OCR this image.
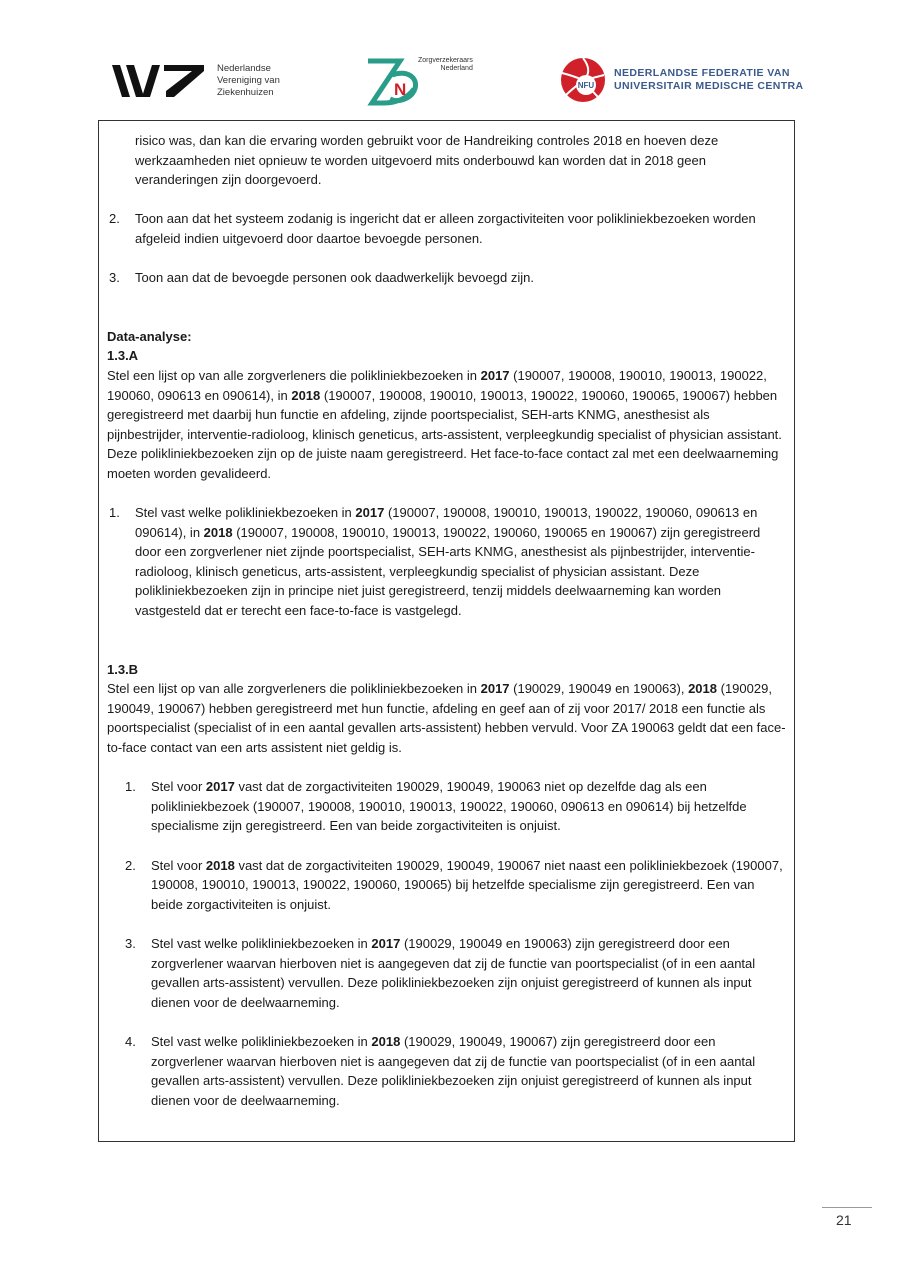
Nederlandse
Vereniging van
Ziekenhuizen	N
Zorgverzekeraars
Nederland
NFU
NEDERLANDSE FEDERATIE VAN
UNIVERSITAIR MEDISCHE CENTRA

risico was, dan kan die ervaring worden gebruikt voor de Handreiking controles 2018 en hoeven deze werkzaamheden niet opnieuw te worden uitgevoerd mits onderbouwd kan worden dat in 2018 geen veranderingen zijn doorgevoerd.

2. Toon aan dat het systeem zodanig is ingericht dat er alleen zorgactiviteiten voor polikliniekbezoeken worden afgeleid indien uitgevoerd door daartoe bevoegde personen.
3. Toon aan dat de bevoegde personen ook daadwerkelijk bevoegd zijn.

Data-analyse:

1.3.A

Stel een lijst op van alle zorgverleners die polikliniekbezoeken in 2017 (190007, 190008, 190010, 190013, 190022, 190060, 090613 en 090614), in 2018 (190007, 190008, 190010, 190013, 190022, 190060, 190065, 190067) hebben geregistreerd met daarbij hun functie en afdeling, zijnde poortspecialist, SEH-arts KNMG, anesthesist als pijnbestrijder, interventie-radioloog, klinisch geneticus, arts-assistent, verpleegkundig specialist of physician assistant. Deze polikliniekbezoeken zijn op de juiste naam geregistreerd. Het face-to-face contact zal met een deelwaarneming moeten worden gevalideerd.

1. Stel vast welke polikliniekbezoeken in 2017 (190007, 190008, 190010, 190013, 190022, 190060, 090613 en 090614), in 2018 (190007, 190008, 190010, 190013, 190022, 190060, 190065 en 190067) zijn geregistreerd door een zorgverlener niet zijnde poortspecialist, SEH-arts KNMG, anesthesist als pijnbestrijder, interventie-radioloog, klinisch geneticus, arts-assistent, verpleegkundig specialist of physician assistant. Deze polikliniekbezoeken zijn in principe niet juist geregistreerd, tenzij middels deelwaarneming kan worden vastgesteld dat er terecht een face-to-face is vastgelegd.

1.3.B

Stel een lijst op van alle zorgverleners die polikliniekbezoeken in 2017 (190029, 190049 en 190063), 2018 (190029, 190049, 190067) hebben geregistreerd met hun functie, afdeling en geef aan of zij voor 2017/ 2018 een functie als poortspecialist (specialist of in een aantal gevallen arts-assistent) hebben vervuld. Voor ZA 190063 geldt dat een face-to-face contact van een arts assistent niet geldig is.

1. Stel voor 2017 vast dat de zorgactiviteiten 190029, 190049, 190063 niet op dezelfde dag als een polikliniekbezoek (190007, 190008, 190010, 190013, 190022, 190060, 090613 en 090614) bij hetzelfde specialisme zijn geregistreerd. Een van beide zorgactiviteiten is onjuist.
2. Stel voor 2018 vast dat de zorgactiviteiten 190029, 190049, 190067 niet naast een polikliniekbezoek (190007, 190008, 190010, 190013, 190022, 190060, 190065) bij hetzelfde specialisme zijn geregistreerd. Een van beide zorgactiviteiten is onjuist.
3. Stel vast welke polikliniekbezoeken in 2017 (190029, 190049 en 190063) zijn geregistreerd door een zorgverlener waarvan hierboven niet is aangegeven dat zij de functie van poortspecialist (of in een aantal gevallen arts-assistent) vervullen. Deze polikliniekbezoeken zijn onjuist geregistreerd of kunnen als input dienen voor de deelwaarneming.
4. Stel vast welke polikliniekbezoeken in 2018 (190029, 190049, 190067) zijn geregistreerd door een zorgverlener waarvan hierboven niet is aangegeven dat zij de functie van poortspecialist (of in een aantal gevallen arts-assistent) vervullen. Deze polikliniekbezoeken zijn onjuist geregistreerd of kunnen als input dienen voor de deelwaarneming.
21
